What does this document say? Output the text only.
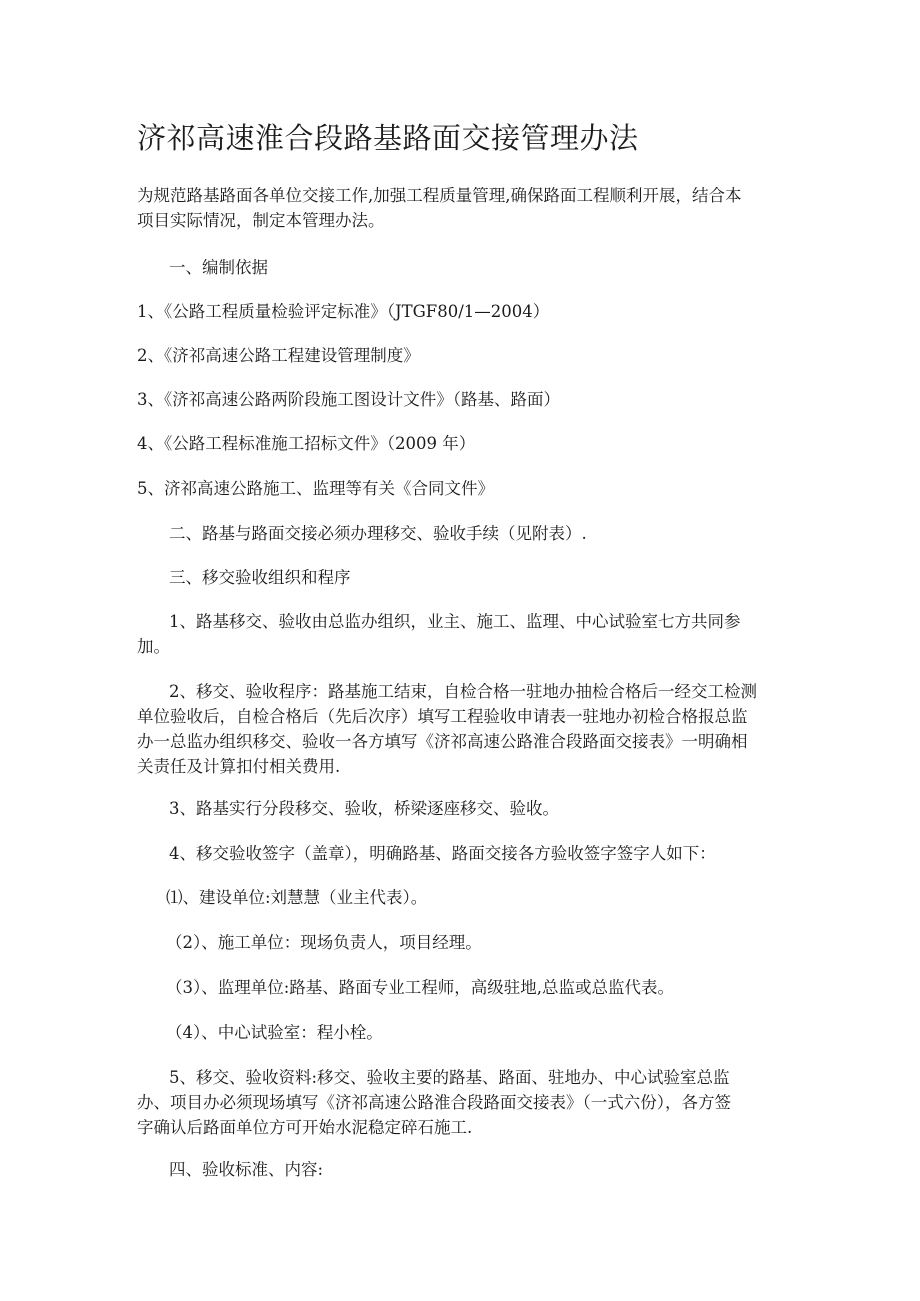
济祁高速淮合段路基路面交接管理办法
为规范路基路面各单位交接工作,加强工程质量管理,确保路面工程顺利开展，结合本
项目实际情况，制定本管理办法。
一、编制依据
1、《公路工程质量检验评定标准》（JTGF80/1—2004）
2、《济祁高速公路工程建设管理制度》
3、《济祁高速公路两阶段施工图设计文件》（路基、路面）
4、《公路工程标准施工招标文件》（2009 年）
5、济祁高速公路施工、监理等有关《合同文件》
二、路基与路面交接必须办理移交、验收手续（见附表）.
三、移交验收组织和程序
1、路基移交、验收由总监办组织，业主、施工、监理、中心试验室七方共同参
加。
2、移交、验收程序：路基施工结束，自检合格一驻地办抽检合格后一经交工检测
单位验收后，自检合格后（先后次序）填写工程验收申请表一驻地办初检合格报总监
办一总监办组织移交、验收一各方填写《济祁高速公路淮合段路面交接表》一明确相
关责任及计算扣付相关费用.
3、路基实行分段移交、验收，桥梁逐座移交、验收。
4、移交验收签字（盖章），明确路基、路面交接各方验收签字签字人如下：
⑴、建设单位:刘慧慧（业主代表）。
（2）、施工单位：现场负责人，项目经理。
（3）、监理单位:路基、路面专业工程师，高级驻地,总监或总监代表。
（4）、中心试验室：程小栓。
5、移交、验收资料:移交、验收主要的路基、路面、驻地办、中心试验室总监
办、项目办必须现场填写《济祁高速公路淮合段路面交接表》（一式六份），各方签
字确认后路面单位方可开始水泥稳定碎石施工.
四、验收标准、内容:
